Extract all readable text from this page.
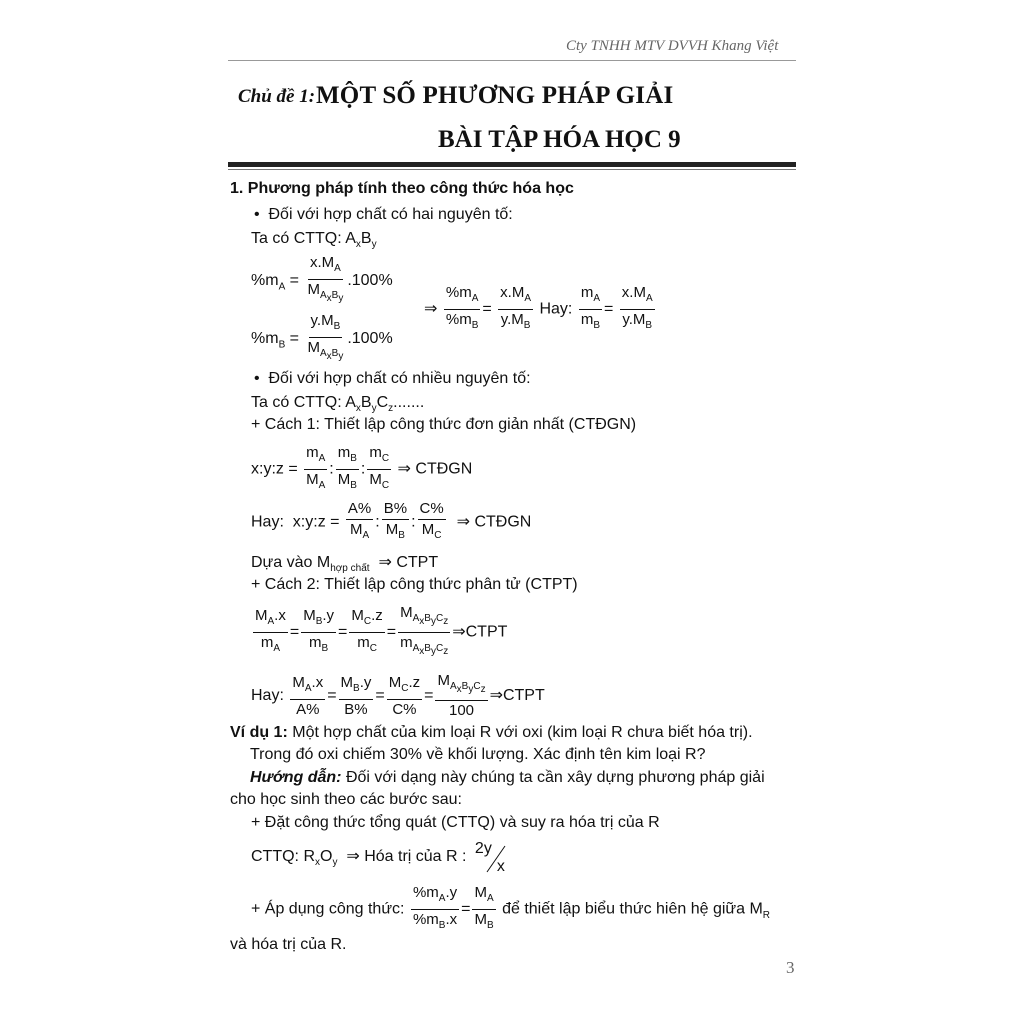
Cty TNHH MTV DVVH Khang Việt
Chủ đề 1: MỘT SỐ PHƯƠNG PHÁP GIẢI
BÀI TẬP HÓA HỌC 9
1. Phương pháp tính theo công thức hóa học
•  Đối với hợp chất có hai nguyên tố:
Ta có CTTQ: $A_xB_y$
$\%m_A = \frac{x.M_A}{M_{A_xB_y}} .100\%$
$\%m_B = \frac{y.M_B}{M_{A_xB_y}} .100\%$
⇒ $\frac{\%m_A}{\%m_B} = \frac{x.M_A}{y.M_B}$ Hay: $\frac{m_A}{m_B} = \frac{x.M_A}{y.M_B}$
•  Đối với hợp chất có nhiều nguyên tố:
Ta có CTTQ: $A_xB_yC_z$.......
+ Cách 1: Thiết lập công thức đơn giản nhất (CTĐGN)
x:y:z = $\frac{m_A}{M_A}$ : $\frac{m_B}{M_B}$ : $\frac{m_C}{M_C}$ ⇒ CTĐGN
Hay:  x:y:z = $\frac{A\%}{M_A}$ : $\frac{B\%}{M_B}$ : $\frac{C\%}{M_C}$ ⇒ CTĐGN
Dựa vào $M_{hợp chất}$  ⇒ CTPT
+ Cách 2: Thiết lập công thức phân tử (CTPT)
$\frac{M_A.x}{m_A} = \frac{M_B.y}{m_B} = \frac{M_C.z}{m_C} = \frac{M_{A_xB_yC_z}}{m_{A_xB_yC_z}}$ ⇒CTPT
Hay: $\frac{M_A.x}{A\%} = \frac{M_B.y}{B\%} = \frac{M_C.z}{C\%} = \frac{M_{A_xB_yC_z}}{100}$ ⇒CTPT
Ví dụ 1: Một hợp chất của kim loại R với oxi (kim loại R chưa biết hóa trị).
Trong đó oxi chiếm 30% về khối lượng. Xác định tên kim loại R?
Hướng dẫn: Đối với dạng này chúng ta cần xây dựng phương pháp giải
cho học sinh theo các bước sau:
+ Đặt công thức tổng quát (CTTQ) và suy ra hóa trị của R
CTTQ: $R_xO_y$  ⇒ Hóa trị của R : 2y
x
+ Áp dụng công thức: $\frac{\%m_A.y}{\%m_B.x} = \frac{M_A}{M_B}$ để thiết lập biểu thức hiên hệ giữa $M_R$
và hóa trị của R.
3
